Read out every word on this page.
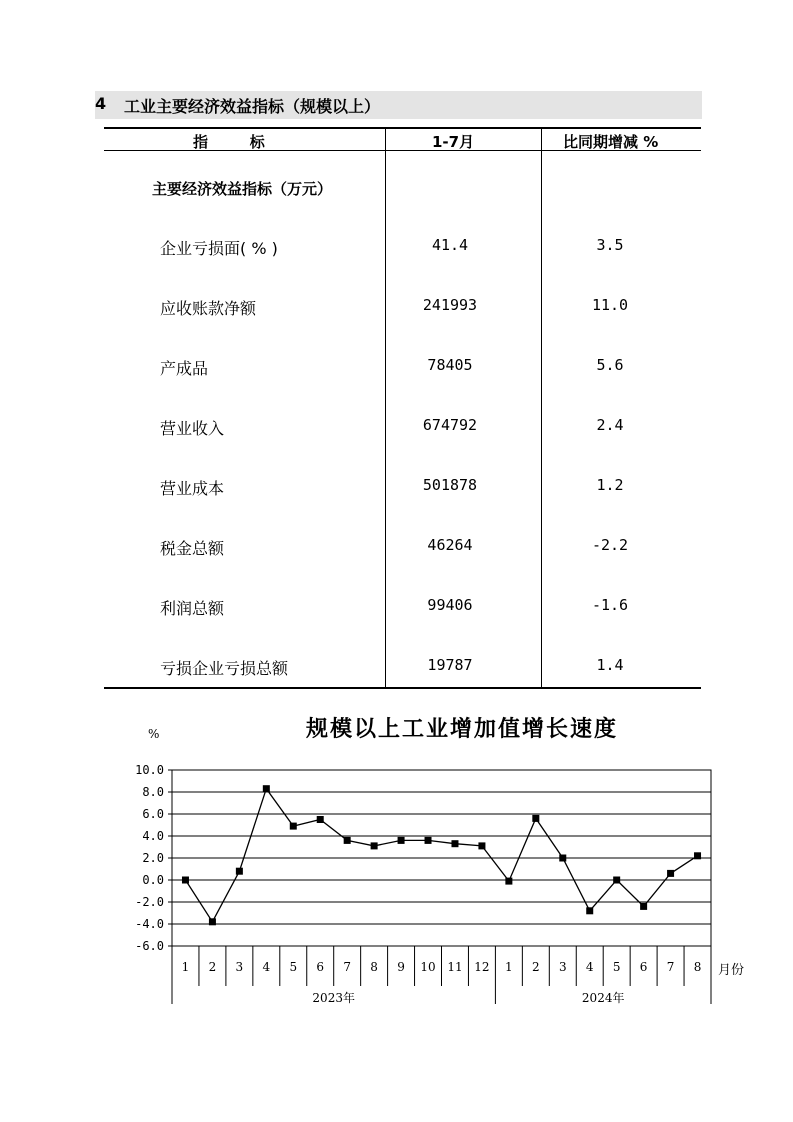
4 工业主要经济效益指标（规模以上）
指        标	1-7月	比同期增减 %
主要经济效益指标（万元）
企业亏损面( % )	41.4	3.5
应收账款净额	241993	11.0
产成品	78405	5.6
营业收入	674792	2.4
营业成本	501878	1.2
税金总额	46264	-2.2
利润总额	99406	-1.6
亏损企业亏损总额	19787	1.4
规模以上工业增加值增长速度
%
月份
10.0
8.0
6.0
4.0
2.0
0.0
-2.0
-4.0
-6.0
1 2 3 4 5 6 7 8 9 10 11 12 1 2 3 4 5 6 7 8
2023年	2024年
